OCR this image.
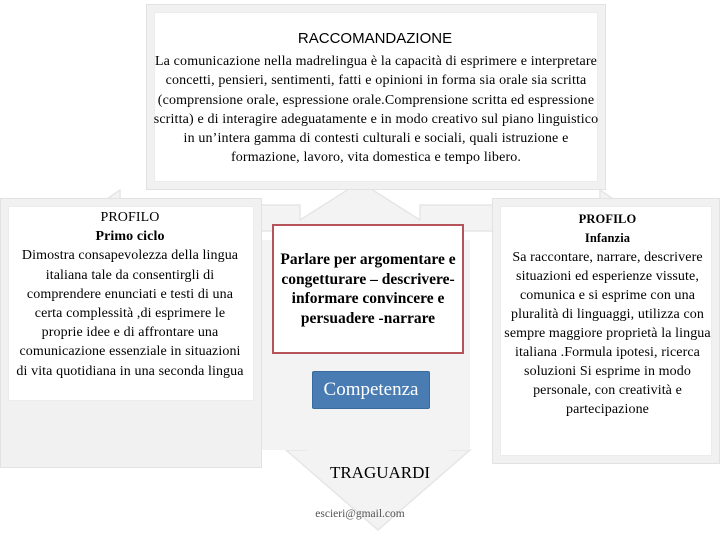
RACCOMANDAZIONE
La comunicazione nella madrelingua è la capacità di esprimere e interpretare concetti, pensieri, sentimenti, fatti e opinioni in forma sia orale sia scritta (comprensione orale, espressione orale.Comprensione scritta ed espressione scritta) e di interagire adeguatamente e in modo creativo sul piano linguistico in un’intera gamma di contesti culturali e sociali, quali istruzione e formazione, lavoro, vita domestica e tempo libero.
PROFILO
Primo ciclo
Dimostra consapevolezza della lingua italiana tale da consentirgli di comprendere enunciati e testi di una certa complessità ,di esprimere le proprie idee e di affrontare una comunicazione essenziale in situazioni di vita quotidiana in una seconda lingua
PROFILO
Infanzia
Sa raccontare, narrare, descrivere situazioni ed esperienze vissute, comunica e si esprime con una pluralità di linguaggi, utilizza con sempre maggiore proprietà la lingua italiana .Formula ipotesi, ricerca soluzioni Si esprime in modo personale, con creatività e partecipazione
Parlare per argomentare e congetturare – descrivere- informare convincere e persuadere -narrare
Competenza
TRAGUARDI
escieri@gmail.com
